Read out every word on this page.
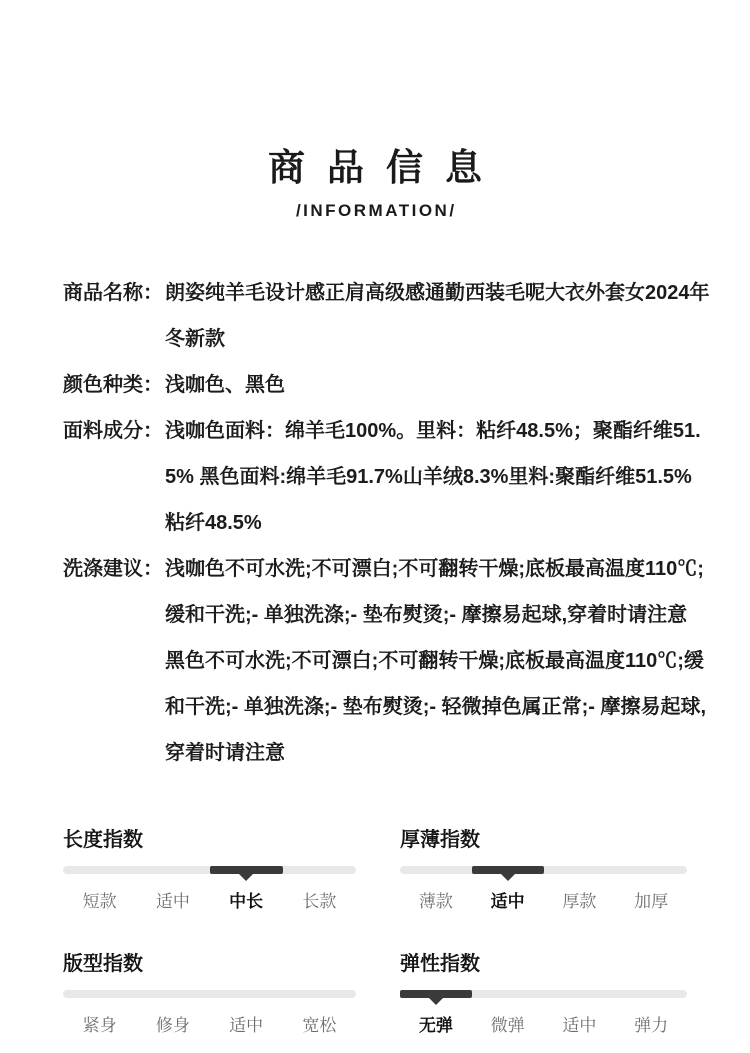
商品信息
/INFORMATION/
商品名称： 朗姿纯羊毛设计感正肩高级感通勤西装毛呢大衣外套女2024年
冬新款
颜色种类： 浅咖色、黑色
面料成分： 浅咖色面料：绵羊毛100%。里料：粘纤48.5%；聚酯纤维51.
5% 黑色面料:绵羊毛91.7%山羊绒8.3%里料:聚酯纤维51.5%
粘纤48.5%
洗涤建议： 浅咖色不可水洗;不可漂白;不可翻转干燥;底板最高温度110℃;
缓和干洗;- 单独洗涤;- 垫布熨烫;- 摩擦易起球,穿着时请注意
黑色不可水洗;不可漂白;不可翻转干燥;底板最高温度110℃;缓
和干洗;- 单独洗涤;- 垫布熨烫;- 轻微掉色属正常;- 摩擦易起球,
穿着时请注意
长度指数
短款	适中	中长	长款
厚薄指数
薄款	适中	厚款	加厚
版型指数
紧身	修身	适中	宽松
弹性指数
无弹	微弹	适中	弹力
